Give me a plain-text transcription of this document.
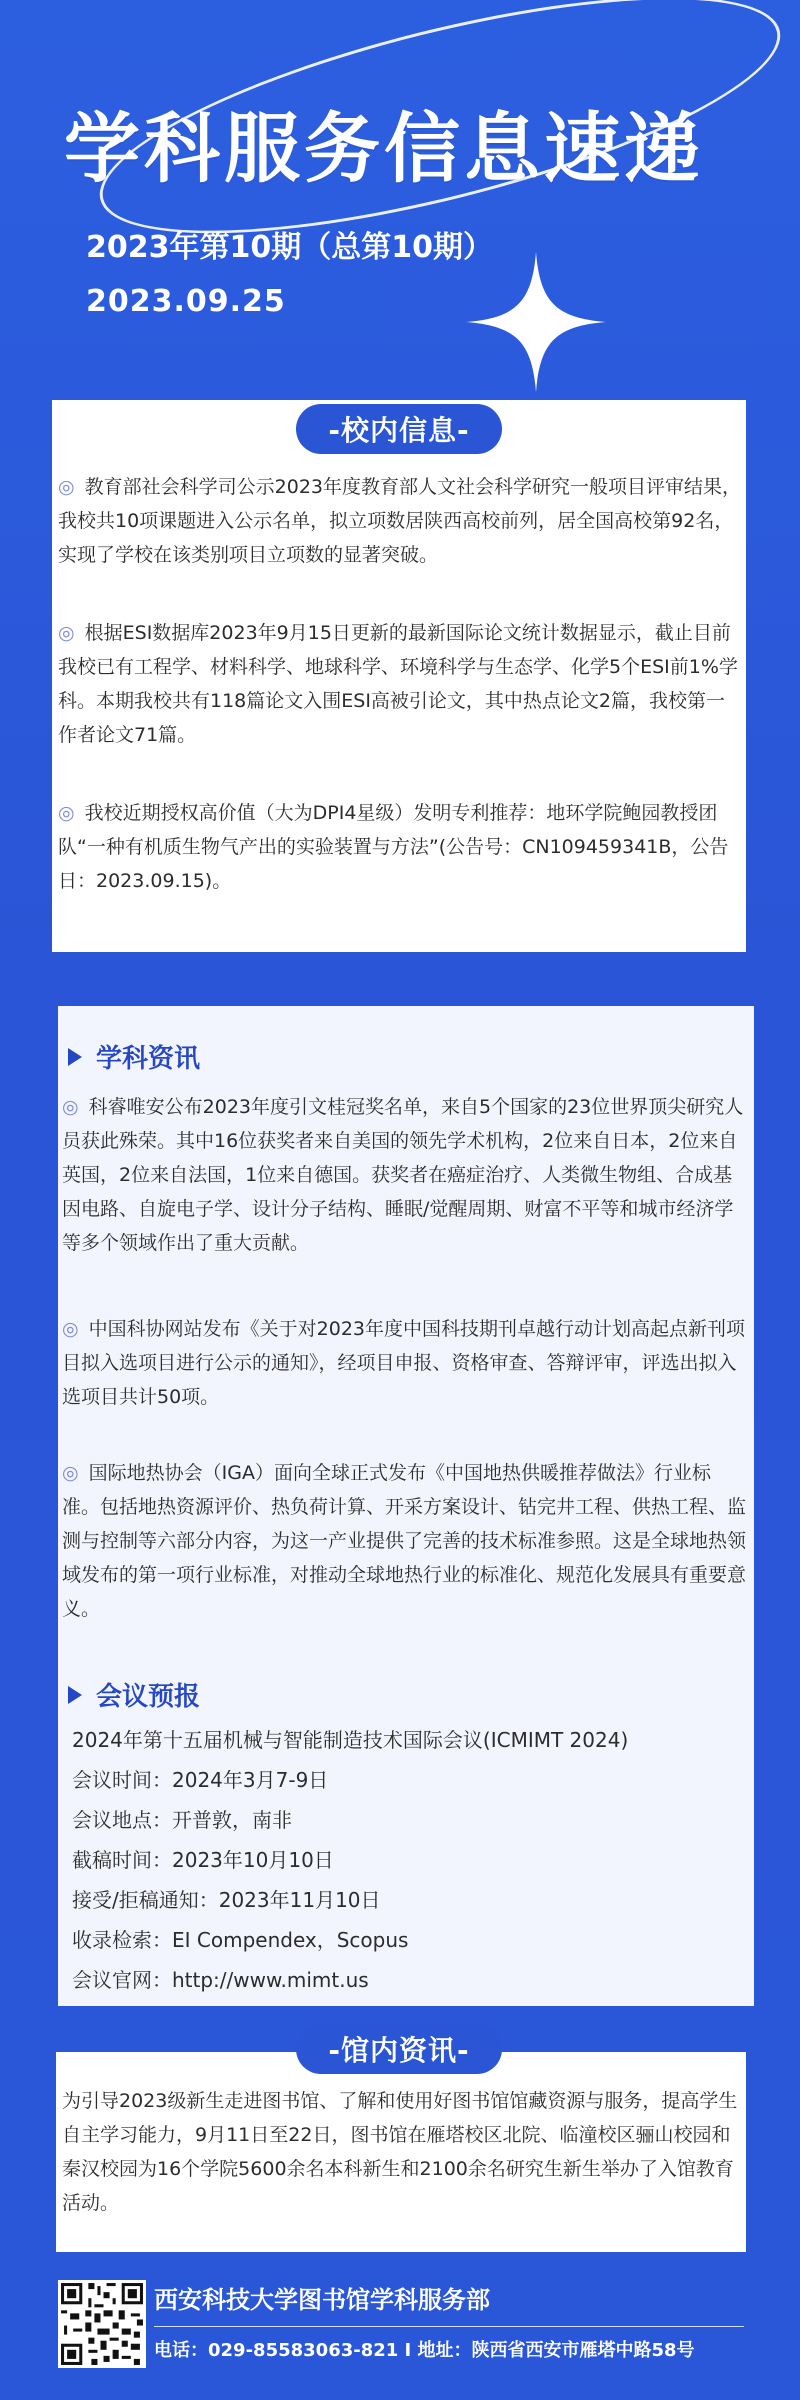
学科服务信息速递
2023年第10期（总第10期）
2023.09.25
-校内信息-
◎ 教育部社会科学司公示2023年度教育部人文社会科学研究一般项目评审结果，我校共10项课题进入公示名单，拟立项数居陕西高校前列，居全国高校第92名，实现了学校在该类别项目立项数的显著突破。
◎ 根据ESI数据库2023年9月15日更新的最新国际论文统计数据显示，截止目前我校已有工程学、材料科学、地球科学、环境科学与生态学、化学5个ESI前1%学科。本期我校共有118篇论文入围ESI高被引论文，其中热点论文2篇，我校第一作者论文71篇。
◎ 我校近期授权高价值（大为DPI4星级）发明专利推荐：地环学院鲍园教授团队“一种有机质生物气产出的实验装置与方法”(公告号：CN109459341B，公告日：2023.09.15)。
学科资讯
◎ 科睿唯安公布2023年度引文桂冠奖名单，来自5个国家的23位世界顶尖研究人员获此殊荣。其中16位获奖者来自美国的领先学术机构，2位来自日本，2位来自英国，2位来自法国，1位来自德国。获奖者在癌症治疗、人类微生物组、合成基因电路、自旋电子学、设计分子结构、睡眠/觉醒周期、财富不平等和城市经济学等多个领域作出了重大贡献。
◎ 中国科协网站发布《关于对2023年度中国科技期刊卓越行动计划高起点新刊项目拟入选项目进行公示的通知》，经项目申报、资格审查、答辩评审，评选出拟入选项目共计50项。
◎ 国际地热协会（IGA）面向全球正式发布《中国地热供暖推荐做法》行业标准。包括地热资源评价、热负荷计算、开采方案设计、钻完井工程、供热工程、监测与控制等六部分内容，为这一产业提供了完善的技术标准参照。这是全球地热领域发布的第一项行业标准，对推动全球地热行业的标准化、规范化发展具有重要意义。
会议预报
2024年第十五届机械与智能制造技术国际会议(ICMIMT 2024)
会议时间：2024年3月7-9日
会议地点：开普敦，南非
截稿时间：2023年10月10日
接受/拒稿通知：2023年11月10日
收录检索：EI Compendex，Scopus
会议官网：http://www.mimt.us
-馆内资讯-
为引导2023级新生走进图书馆、了解和使用好图书馆馆藏资源与服务，提高学生自主学习能力，9月11日至22日，图书馆在雁塔校区北院、临潼校区骊山校园和秦汉校园为16个学院5600余名本科新生和2100余名研究生新生举办了入馆教育活动。
西安科技大学图书馆学科服务部
电话：029-85583063-821 I 地址：陕西省西安市雁塔中路58号
